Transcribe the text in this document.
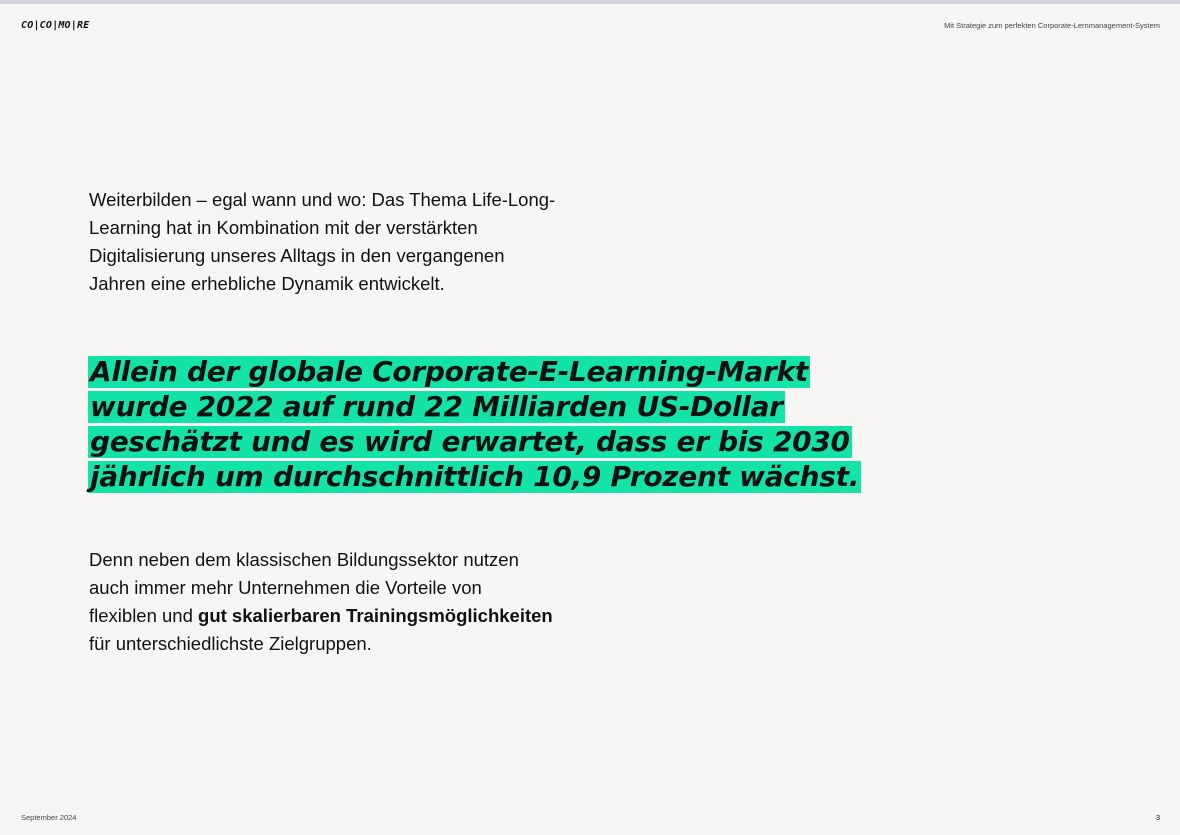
CO|CO|MO|RE	Mit Strategie zum perfekten Corporate-Lernmanagement-System

Weiterbilden – egal wann und wo: Das Thema Life-Long-
Learning hat in Kombination mit der verstärkten
Digitalisierung unseres Alltags in den vergangenen
Jahren eine erhebliche Dynamik entwickelt.

Allein der globale Corporate-E-Learning-Markt
wurde 2022 auf rund 22 Milliarden US-Dollar
geschätzt und es wird erwartet, dass er bis 2030
jährlich um durchschnittlich 10,9 Prozent wächst.

Denn neben dem klassischen Bildungssektor nutzen
auch immer mehr Unternehmen die Vorteile von
flexiblen und gut skalierbaren Trainingsmöglichkeiten
für unterschiedlichste Zielgruppen.

September 2024	3
